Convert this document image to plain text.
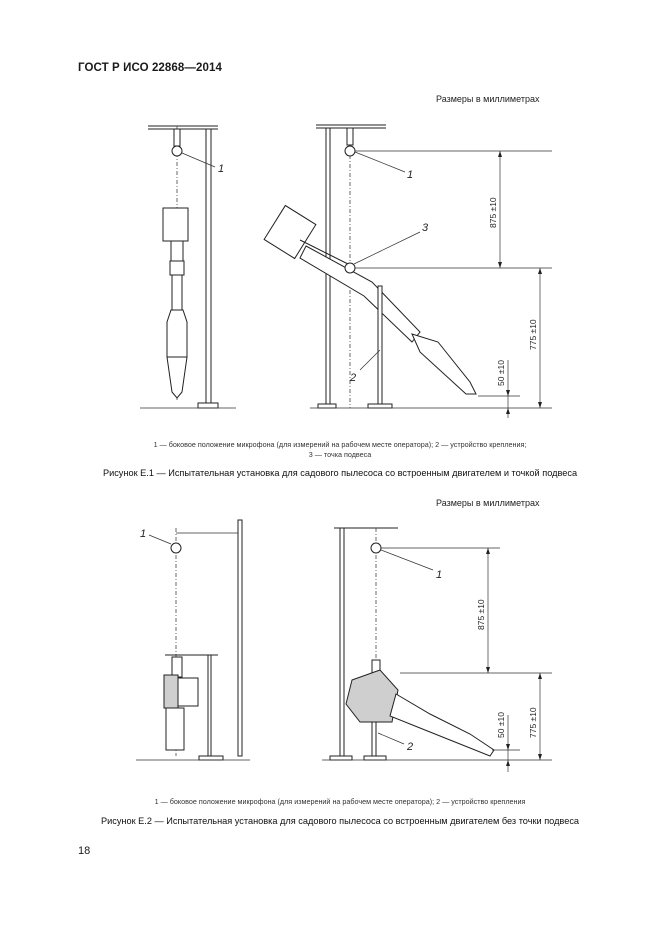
ГОСТ Р ИСО 22868—2014
Размеры в миллиметрах
1	1
3
2
875 ±10
775 ±10
50 ±10
1
1
2
875 ±10
775 ±10
50 ±10
1 — боковое положение микрофона (для измерений на рабочем месте оператора); 2 — устройство крепления;
3 — точка подвеса
Рисунок Е.1 — Испытательная установка для садового пылесоса со встроенным двигателем и точкой подвеса
Размеры в миллиметрах
1 — боковое положение микрофона (для измерений на рабочем месте оператора); 2 — устройство крепления
Рисунок Е.2 — Испытательная установка для садового пылесоса со встроенным двигателем без точки подвеса
18
